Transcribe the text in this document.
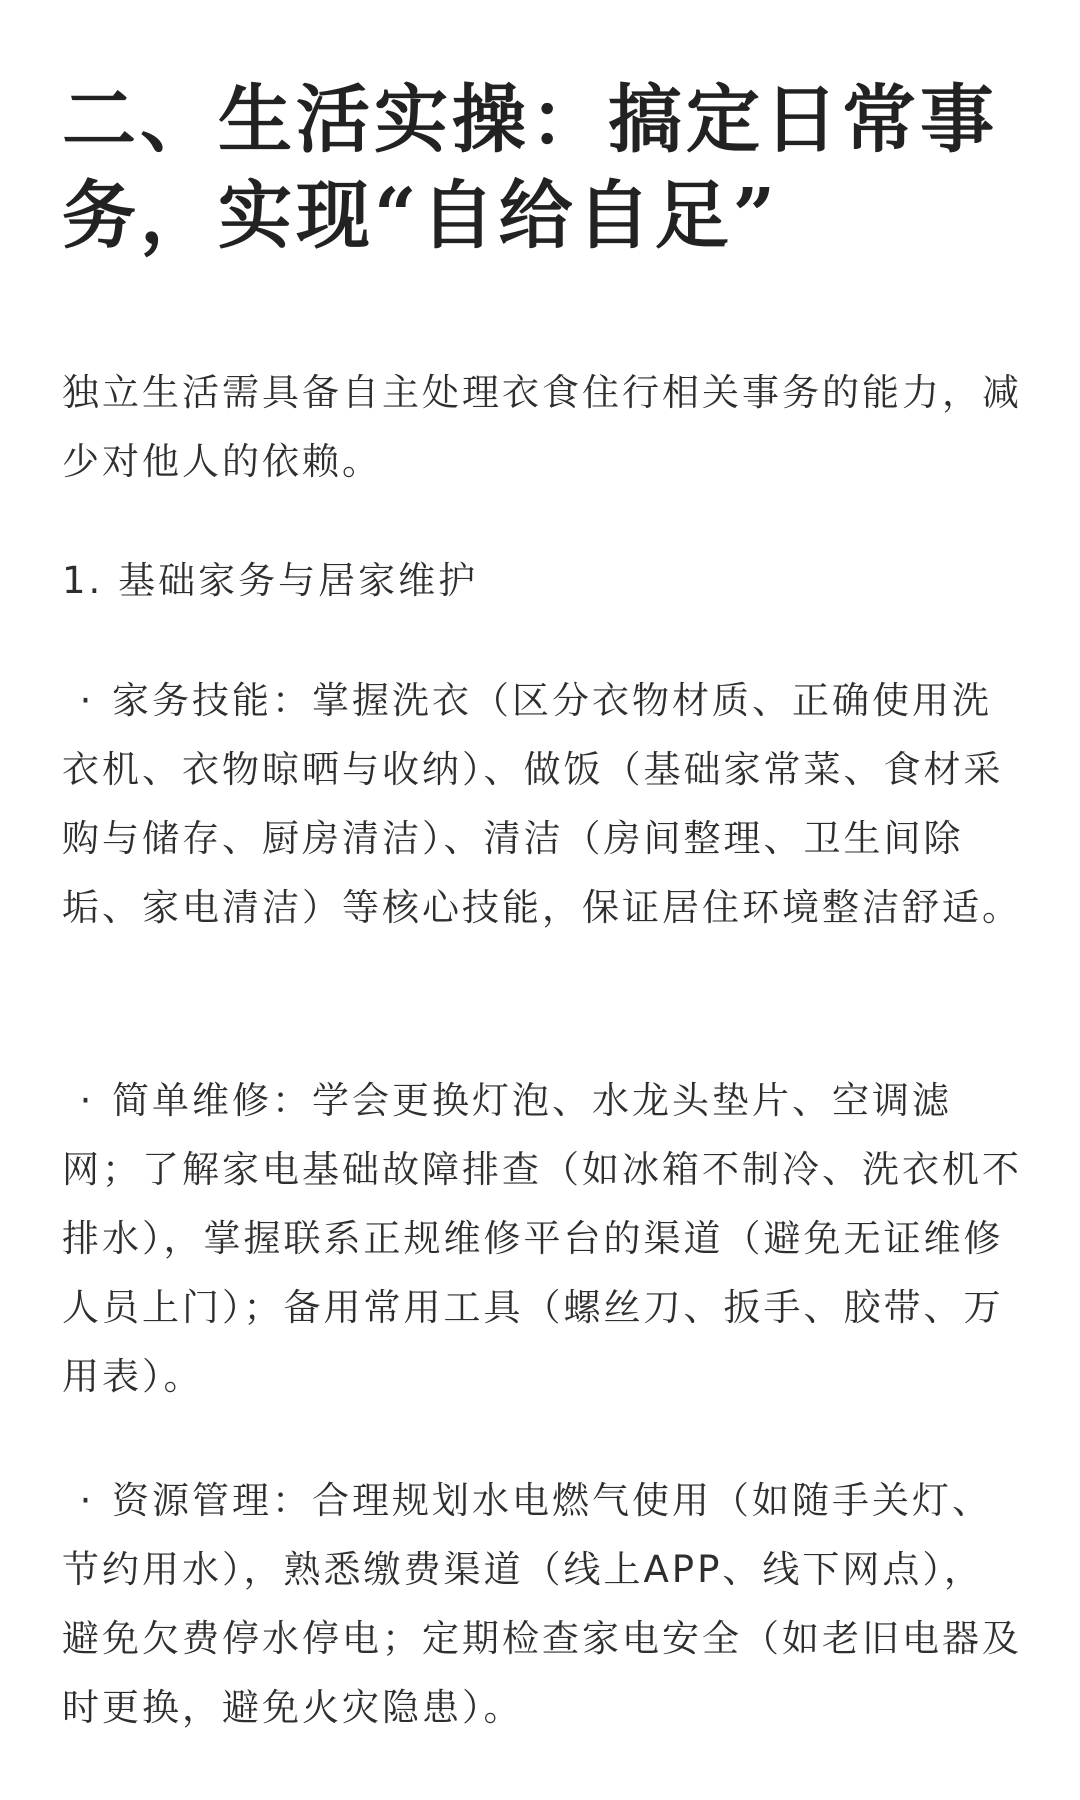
二、生活实操：搞定日常事务，实现“自给自足”

独立生活需具备自主处理衣食住行相关事务的能力，减少对他人的依赖。

1. 基础家务与居家维护

· 家务技能：掌握洗衣（区分衣物材质、正确使用洗衣机、衣物晾晒与收纳）、做饭（基础家常菜、食材采购与储存、厨房清洁）、清洁（房间整理、卫生间除垢、家电清洁）等核心技能，保证居住环境整洁舒适。

· 简单维修：学会更换灯泡、水龙头垫片、空调滤网；了解家电基础故障排查（如冰箱不制冷、洗衣机不排水），掌握联系正规维修平台的渠道（避免无证维修人员上门）；备用常用工具（螺丝刀、扳手、胶带、万用表）。

· 资源管理：合理规划水电燃气使用（如随手关灯、节约用水），熟悉缴费渠道（线上APP、线下网点），避免欠费停水停电；定期检查家电安全（如老旧电器及时更换，避免火灾隐患）。
